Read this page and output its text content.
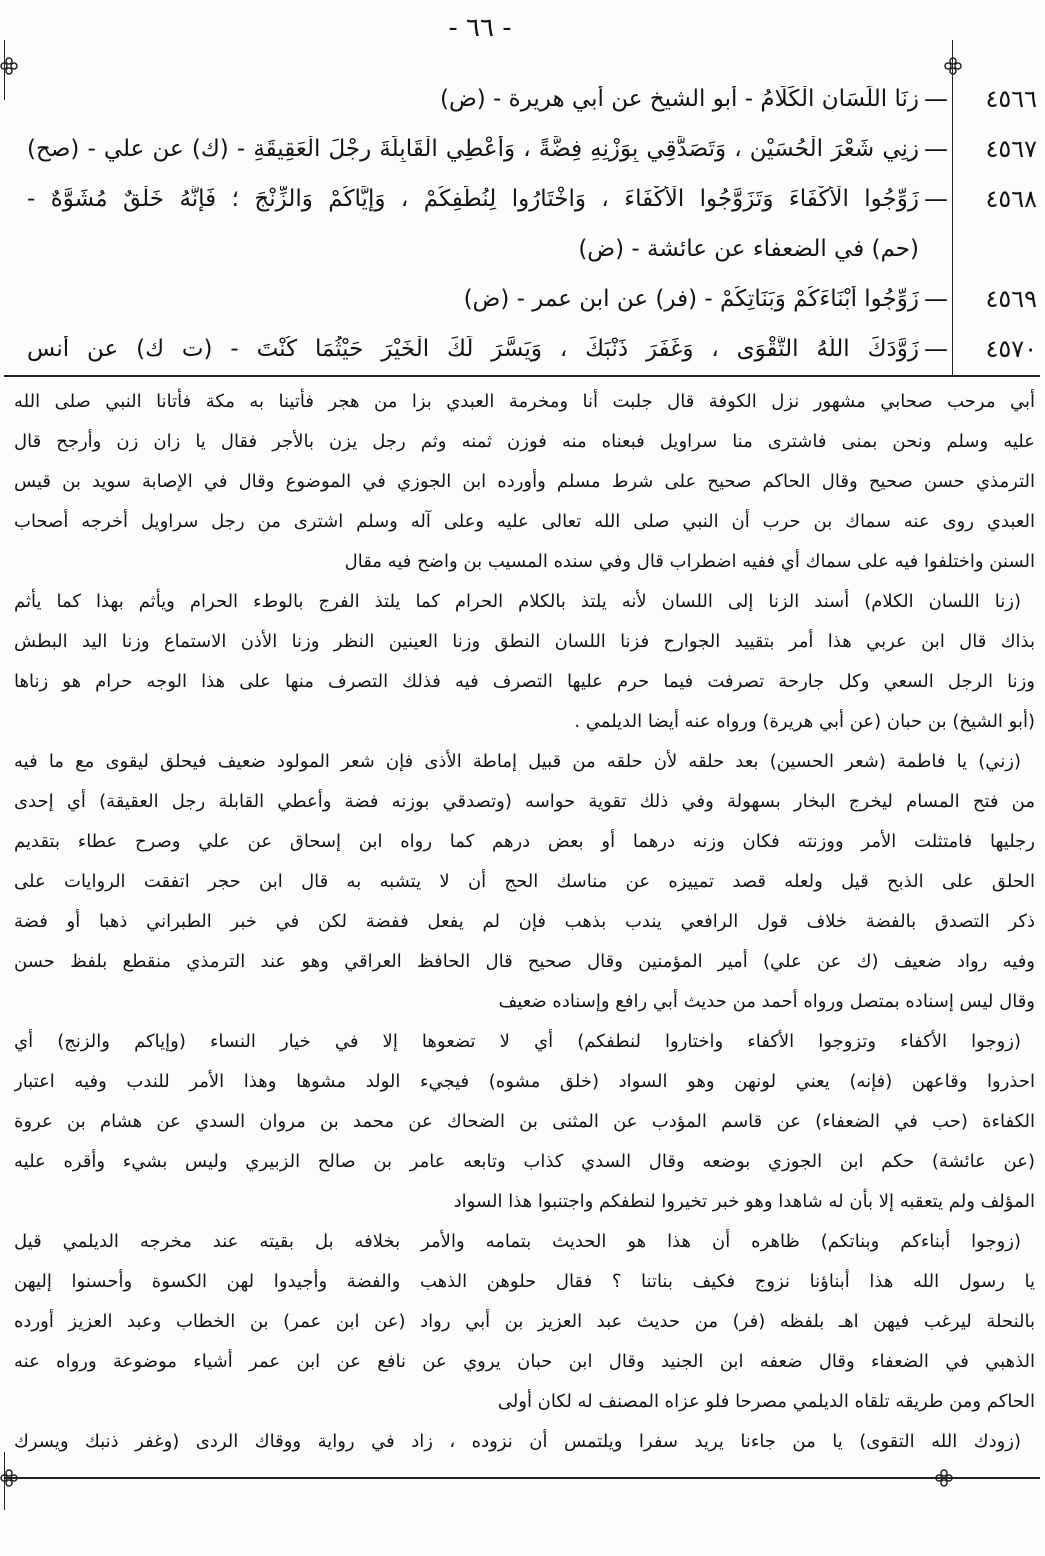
- ٦٦ -
٤٥٦٦
—
زِنَا اللِّسَانِ الْكَلَامُ - أبو الشيخ عن أبي هريرة - (ض)
٤٥٦٧
—
زِنِي شَعْرَ الْحُسَيْنِ ، وَتَصَدَّقِي بِوَزْنِهِ فِضَّةً ، وَأَعْطِي الْقَابِلَةَ رِجْلَ الْعَقِيقَةِ - (ك) عن علي - (صح)
٤٥٦٨
—
زَوِّجُوا الْأَكْفَاءَ وَتَزَوَّجُوا الْأَكْفَاءَ ، وَاخْتَارُوا لِنُطَفِكُمْ ، وَإِيَّاكُمْ وَالزِّنْجَ ؛ فَإِنَّهُ خَلْقٌ مُشَوَّهٌ -
(حم) في الضعفاء عن عائشة - (ض)
٤٥٦٩
—
زَوِّجُوا أَبْنَاءَكُمْ وَبَنَاتِكُمْ - (فر) عن ابن عمر - (ض)
٤٥٧٠
—
زَوَّدَكَ اللَّهُ التَّقْوَى ، وَغَفَرَ ذَنْبَكَ ، وَيَسَّرَ لَكَ الْخَيْرَ حَيْثُمَا كُنْتَ - (ت ك) عن أنس
أبي مرحب صحابي مشهور نزل الكوفة قال جلبت أنا ومخرمة العبدي بزا من هجر فأتينا به مكة فأتانا النبي صلى الله
عليه وسلم ونحن بمنى فاشترى منا سراويل فبعناه منه فوزن ثمنه وثم رجل يزن بالأجر فقال يا زان زن وأرجح قال
الترمذي حسن صحيح وقال الحاكم صحيح على شرط مسلم وأورده ابن الجوزي في الموضوع وقال في الإصابة سويد بن قيس
العبدي روى عنه سماك بن حرب أن النبي صلى الله تعالى عليه وعلى آله وسلم اشترى من رجل سراويل أخرجه أصحاب
السنن واختلفوا فيه على سماك أي ففيه اضطراب قال وفي سنده المسيب بن واضح فيه مقال
(زنا اللسان الكلام) أسند الزنا إلى اللسان لأنه يلتذ بالكلام الحرام كما يلتذ الفرج بالوطء الحرام ويأثم بهذا كما يأثم
بذاك قال ابن عربي هذا أمر بتقييد الجوارح فزنا اللسان النطق وزنا العينين النظر وزنا الأذن الاستماع وزنا اليد البطش
وزنا الرجل السعي وكل جارحة تصرفت فيما حرم عليها التصرف فيه فذلك التصرف منها على هذا الوجه حرام هو زناها
(أبو الشيخ) بن حبان (عن أبي هريرة) ورواه عنه أيضا الديلمي .
(زني) يا فاطمة (شعر الحسين) بعد حلقه لأن حلقه من قبيل إماطة الأذى فإن شعر المولود ضعيف فيحلق ليقوى مع ما فيه
من فتح المسام ليخرج البخار بسهولة وفي ذلك تقوية حواسه (وتصدقي بوزنه فضة وأعطي القابلة رجل العقيقة) أي إحدى
رجليها فامتثلت الأمر ووزنته فكان وزنه درهما أو بعض درهم كما رواه ابن إسحاق عن علي وصرح عطاء بتقديم
الحلق على الذبح قيل ولعله قصد تمييزه عن مناسك الحج أن لا يتشبه به قال ابن حجر اتفقت الروايات على
ذكر التصدق بالفضة خلاف قول الرافعي يندب بذهب فإن لم يفعل ففضة لكن في خبر الطبراني ذهبا أو فضة
وفيه رواد ضعيف (ك عن علي) أمير المؤمنين وقال صحيح قال الحافظ العراقي وهو عند الترمذي منقطع بلفظ حسن
وقال ليس إسناده بمتصل ورواه أحمد من حديث أبي رافع وإسناده ضعيف
(زوجوا الأكفاء وتزوجوا الأكفاء واختاروا لنطفكم) أي لا تضعوها إلا في خيار النساء (وإياكم والزنج) أي
احذروا وقاعهن (فإنه) يعني لونهن وهو السواد (خلق مشوه) فيجيء الولد مشوها وهذا الأمر للندب وفيه اعتبار
الكفاءة (حب في الضعفاء) عن قاسم المؤدب عن المثنى بن الضحاك عن محمد بن مروان السدي عن هشام بن عروة
(عن عائشة) حكم ابن الجوزي بوضعه وقال السدي كذاب وتابعه عامر بن صالح الزبيري وليس بشيء وأقره عليه
المؤلف ولم يتعقبه إلا بأن له شاهدا وهو خبر تخيروا لنطفكم واجتنبوا هذا السواد
(زوجوا أبناءكم وبناتكم) ظاهره أن هذا هو الحديث بتمامه والأمر بخلافه بل بقيته عند مخرجه الديلمي قيل
يا رسول الله هذا أبناؤنا نزوج فكيف بناتنا ؟ فقال حلوهن الذهب والفضة وأجيدوا لهن الكسوة وأحسنوا إليهن
بالنحلة ليرغب فيهن اهـ بلفظه (فر) من حديث عبد العزيز بن أبي رواد (عن ابن عمر) بن الخطاب وعبد العزيز أورده
الذهبي في الضعفاء وقال ضعفه ابن الجنيد وقال ابن حبان يروي عن نافع عن ابن عمر أشياء موضوعة ورواه عنه
الحاكم ومن طريقه تلقاه الديلمي مصرحا فلو عزاه المصنف له لكان أولى
(زودك الله التقوى) يا من جاءنا يريد سفرا ويلتمس أن نزوده ، زاد في رواية ووقاك الردى (وغفر ذنبك ويسرك
